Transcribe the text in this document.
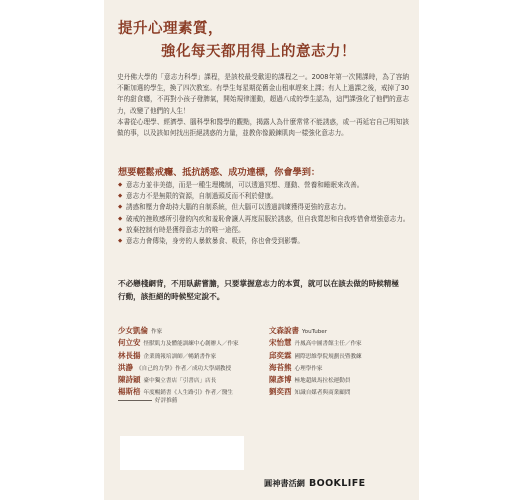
提升心理素質，
強化每天都用得上的意志力！
史丹佛大學的「意志力科學」課程，是該校最受歡迎的課程之一。2008年第一次開課時，為了容納不斷加選的學生，換了四次教室。有學生每星期從舊金山租車趕來上課；有人上過課之後，戒掉了30年的甜食癮，不再對小孩子發脾氣，開始規律運動，超過八成的學生認為，這門課強化了他們的意志力，改變了他們的人生！
本書從心理學、經濟學、腦科學和醫學的觀點，揭露人為什麼常常不能誘惑，或一再延宕自己明知該做的事，以及該如何找出拒絕誘惑的力量，並教你像鍛鍊肌肉一樣強化意志力。
想要輕鬆戒癮、抵抗誘惑、成功達標，你會學到：
◆ 意志力並非美德，而是一種生理機制，可以透過冥想、運動、營養和睡眠來改善。
◆ 意志力不是無限的資源，自制過頭反而不利於健康。
◆ 誘惑和壓力會劫持大腦的自制系統，但大腦可以透過訓練獲得更強的意志力。
◆ 破戒的挫敗感所引發的內疚和羞恥會讓人再度屈服於誘惑，但自我寬恕和自我疼惜會增強意志力。
◆ 放棄控制有時是獲得意志力的唯一途徑。
◆ 意志力會傳染，身旁的人暴飲暴食、吸菸，你也會受到影響。
不必戀棧網背，不用臥薪嘗膽，只要掌握意志力的本質，就可以在該去做的時候精極行動，該拒絕的時候堅定說不。
少女凱倫 作家
何立安 怪獸肌力及體能訓練中心創辦人／作家
林長揚 企業簡報培訓師／暢銷書作家
洪瀞 《自己的力學》作者／成功大學副教授
陳詩穎 臺中獨立書店「引書店」店長
楊斯棓 年度暢銷書《人生路引》作者／醫生
文森說書 YouTuber
宋怡慧 丹鳳高中圖書館主任／作家
邱奕霖 國際思維學院規劃長暨教練
海苔熊 心理學作家
陳彥博 極地超級馬拉松運動員
劉奕酉 知識自媒者與商業顧問
好評推薦
圓神書活網 BOOKLIFE
